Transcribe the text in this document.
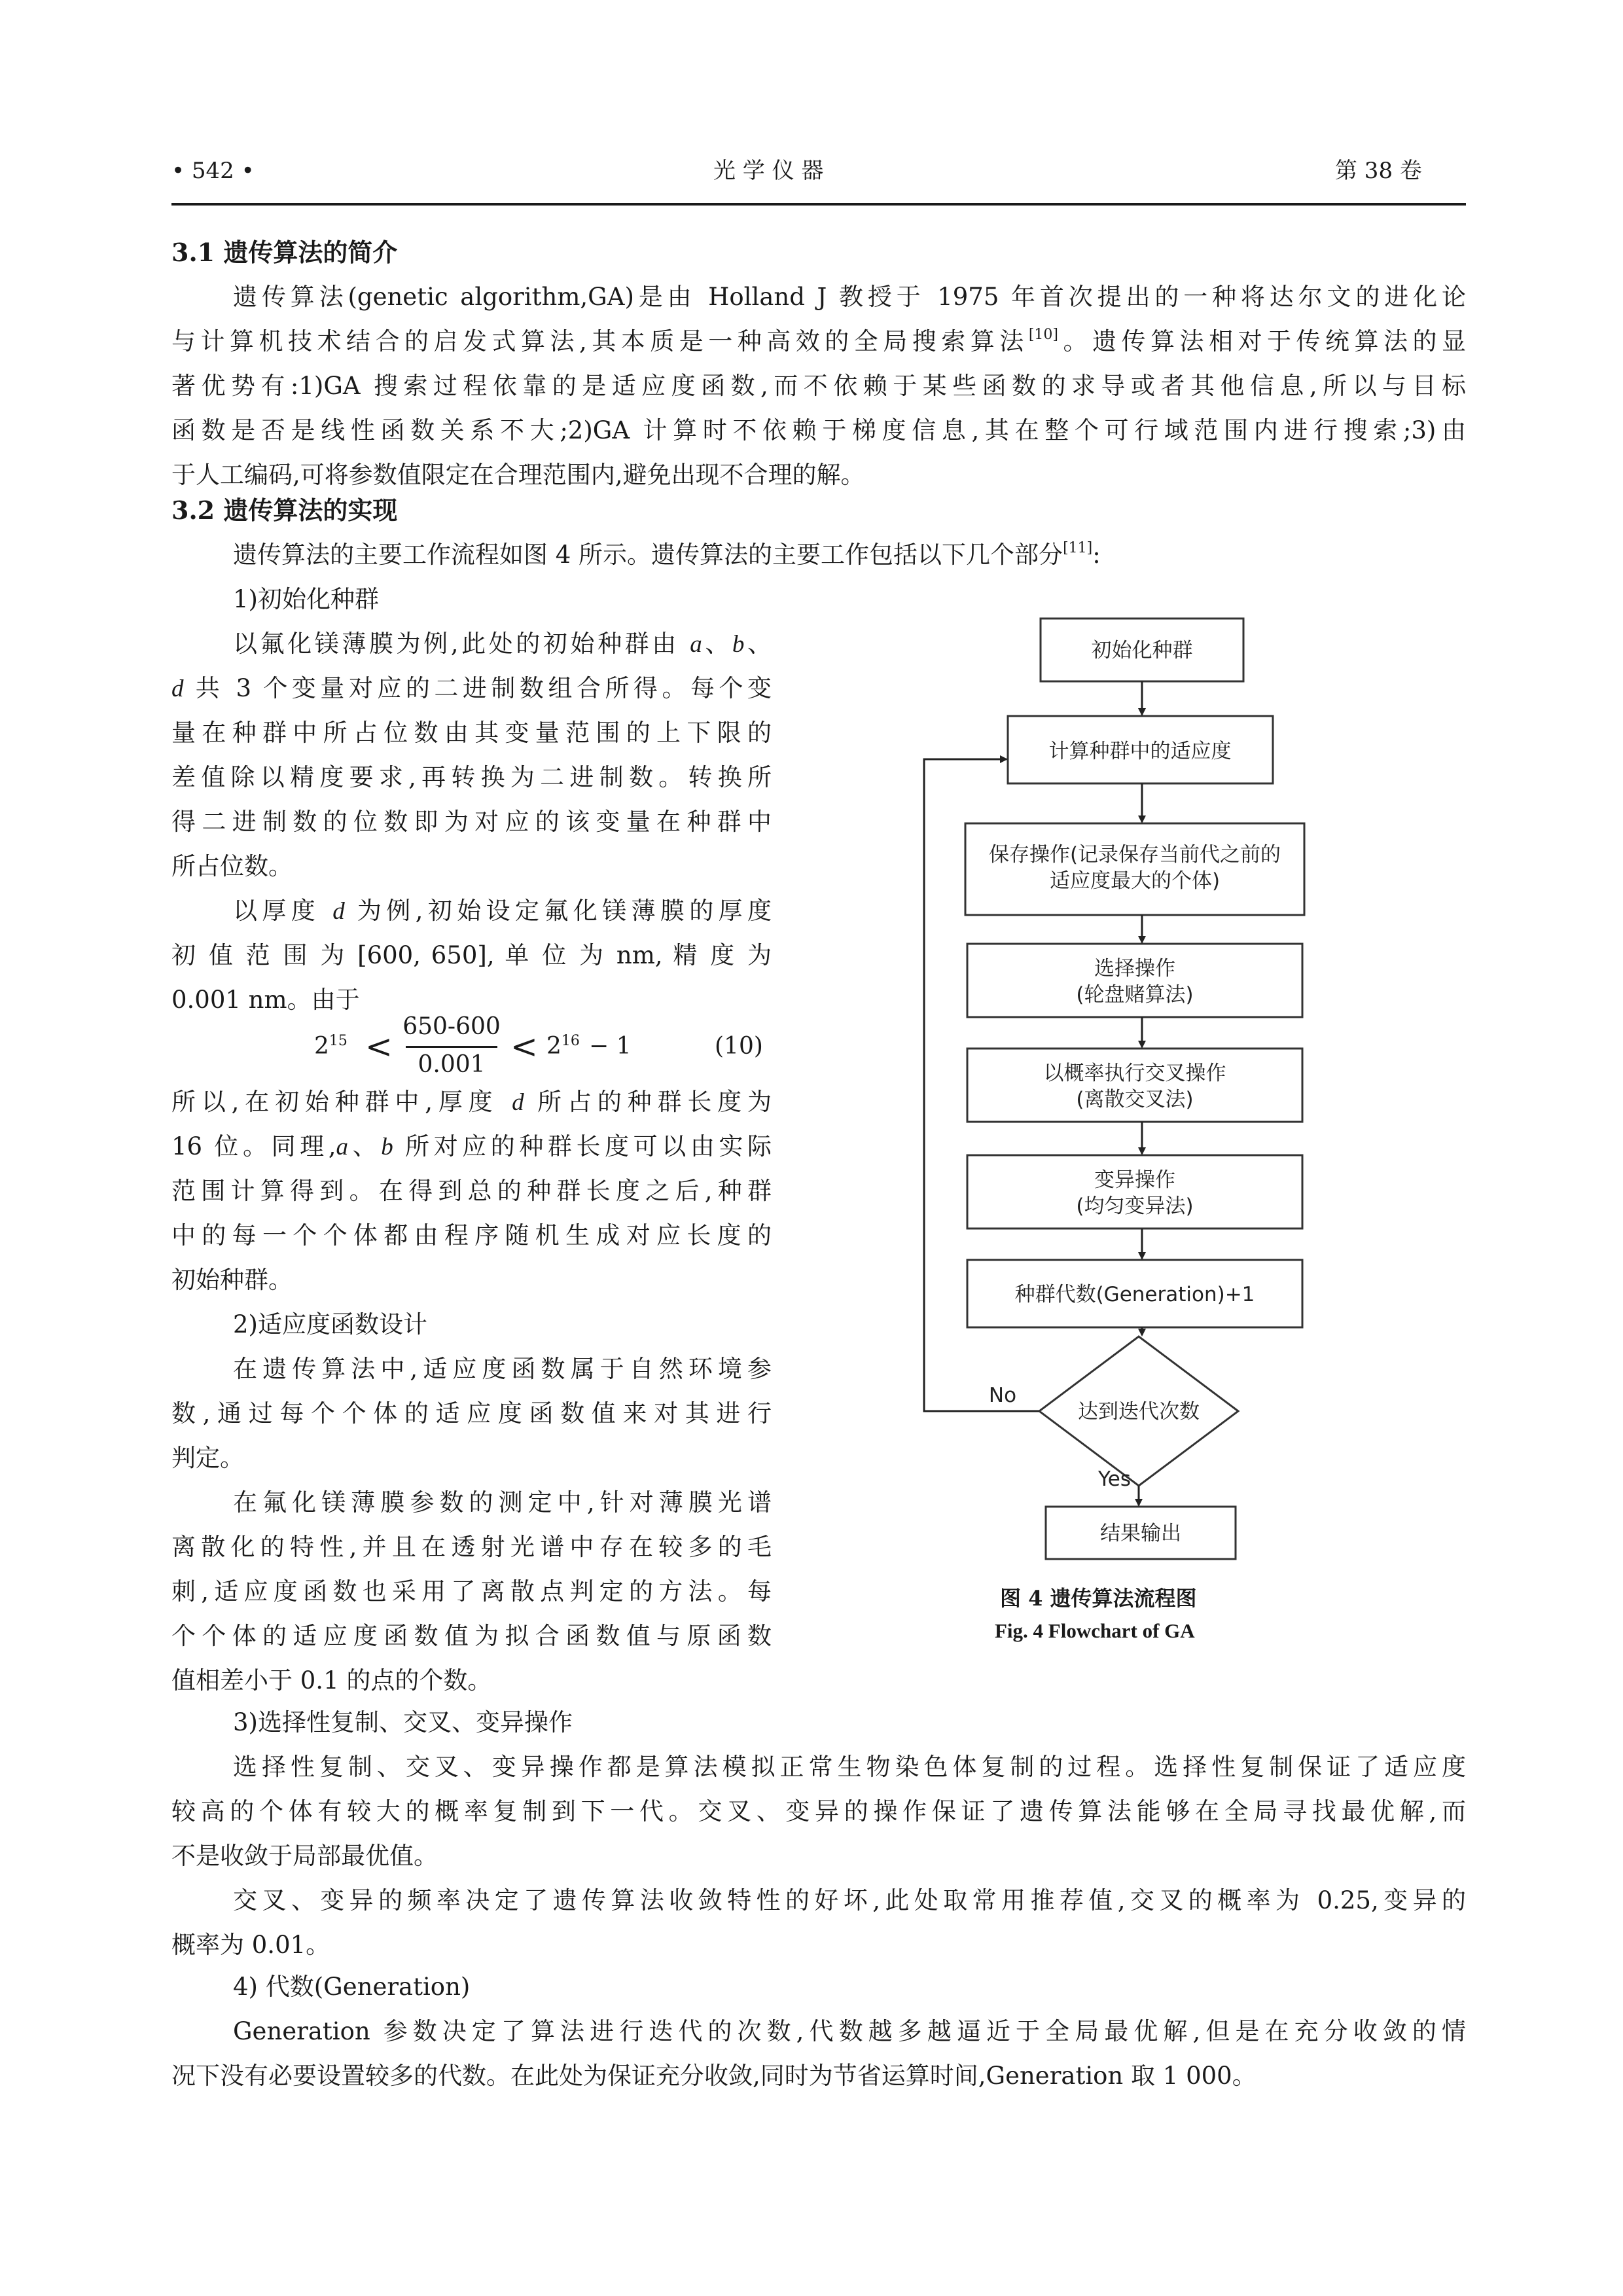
• 542 •	光 学 仪 器	第 38 卷
3.1 遗传算法的简介
遗传算法(genetic algorithm,GA)是由 Holland J 教授于 1975 年首次提出的一种将达尔文的进化论
与计算机技术结合的启发式算法,其本质是一种高效的全局搜索算法[10]。遗传算法相对于传统算法的显
著优势有:1)GA 搜索过程依靠的是适应度函数,而不依赖于某些函数的求导或者其他信息,所以与目标
函数是否是线性函数关系不大;2)GA 计算时不依赖于梯度信息,其在整个可行域范围内进行搜索;3)由
于人工编码,可将参数值限定在合理范围内,避免出现不合理的解。
3.2 遗传算法的实现
遗传算法的主要工作流程如图 4 所示。遗传算法的主要工作包括以下几个部分[11]:
1)初始化种群
以氟化镁薄膜为例,此处的初始种群由 a、b、
d 共 3 个变量对应的二进制数组合所得。每个变
量在种群中所占位数由其变量范围的上下限的
差值除以精度要求,再转换为二进制数。转换所
得二进制数的位数即为对应的该变量在种群中
所占位数。
以厚度 d 为例,初始设定氟化镁薄膜的厚度
初 值 范 围 为 [600, 650], 单 位 为 nm, 精 度 为
0.001 nm。由于
$2^{15}$ <
650-600
$0.001 < 2^{16} - 1$	(10)
所以,在初始种群中,厚度 d 所占的种群长度为
16 位。同理,a、b 所对应的种群长度可以由实际
范围计算得到。在得到总的种群长度之后,种群
中的每一个个体都由程序随机生成对应长度的
初始种群。
2)适应度函数设计
在遗传算法中,适应度函数属于自然环境参
数,通过每个个体的适应度函数值来对其进行
判定。
在氟化镁薄膜参数的测定中,针对薄膜光谱
离散化的特性,并且在透射光谱中存在较多的毛
刺,适应度函数也采用了离散点判定的方法。每
个个体的适应度函数值为拟合函数值与原函数
值相差小于 0.1 的点的个数。
3)选择性复制、交叉、变异操作
选择性复制、交叉、变异操作都是算法模拟正常生物染色体复制的过程。选择性复制保证了适应度
较高的个体有较大的概率复制到下一代。交叉、变异的操作保证了遗传算法能够在全局寻找最优解,而
不是收敛于局部最优值。
交叉、变异的频率决定了遗传算法收敛特性的好坏,此处取常用推荐值,交叉的概率为 0.25,变异的
概率为 0.01。
4) 代数(Generation)
Generation 参数决定了算法进行迭代的次数,代数越多越逼近于全局最优解,但是在充分收敛的情
况下没有必要设置较多的代数。在此处为保证充分收敛,同时为节省运算时间,Generation 取 1 000。
初始化种群
计算种群中的适应度
保存操作(记录保存当前代之前的
适应度最大的个体)
选择操作
(轮盘赌算法)
以概率执行交叉操作
(离散交叉法)
变异操作
(均匀变异法)
种群代数(Generation)+1
达到迭代次数
结果输出
No
Yes
图 4 遗传算法流程图
Fig. 4 Flowchart of GA
